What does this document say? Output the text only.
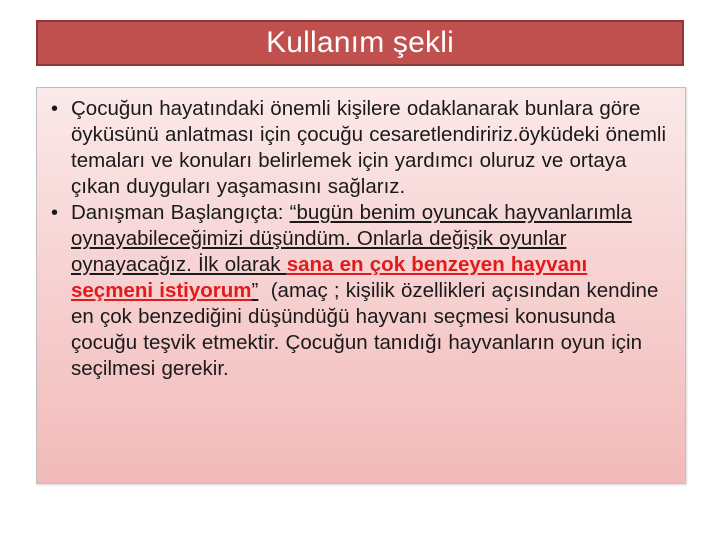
Kullanım şekli
• Çocuğun hayatındaki önemli kişilere odaklanarak bunlara göre öyküsünü anlatması için çocuğu cesaretlendiririz.öyküdeki önemli temaları ve konuları belirlemek için yardımcı oluruz ve ortaya çıkan duyguları yaşamasını sağlarız.
• Danışman Başlangıçta: “bugün benim oyuncak hayvanlarımla oynayabileceğimizi düşündüm. Onlarla değişik oyunlar oynayacağız. İlk olarak sana en çok benzeyen hayvanı seçmeni istiyorum”  (amaç ; kişilik özellikleri açısından kendine en çok benzediğini düşündüğü hayvanı seçmesi konusunda çocuğu teşvik etmektir. Çocuğun tanıdığı hayvanların oyun için seçilmesi gerekir.
